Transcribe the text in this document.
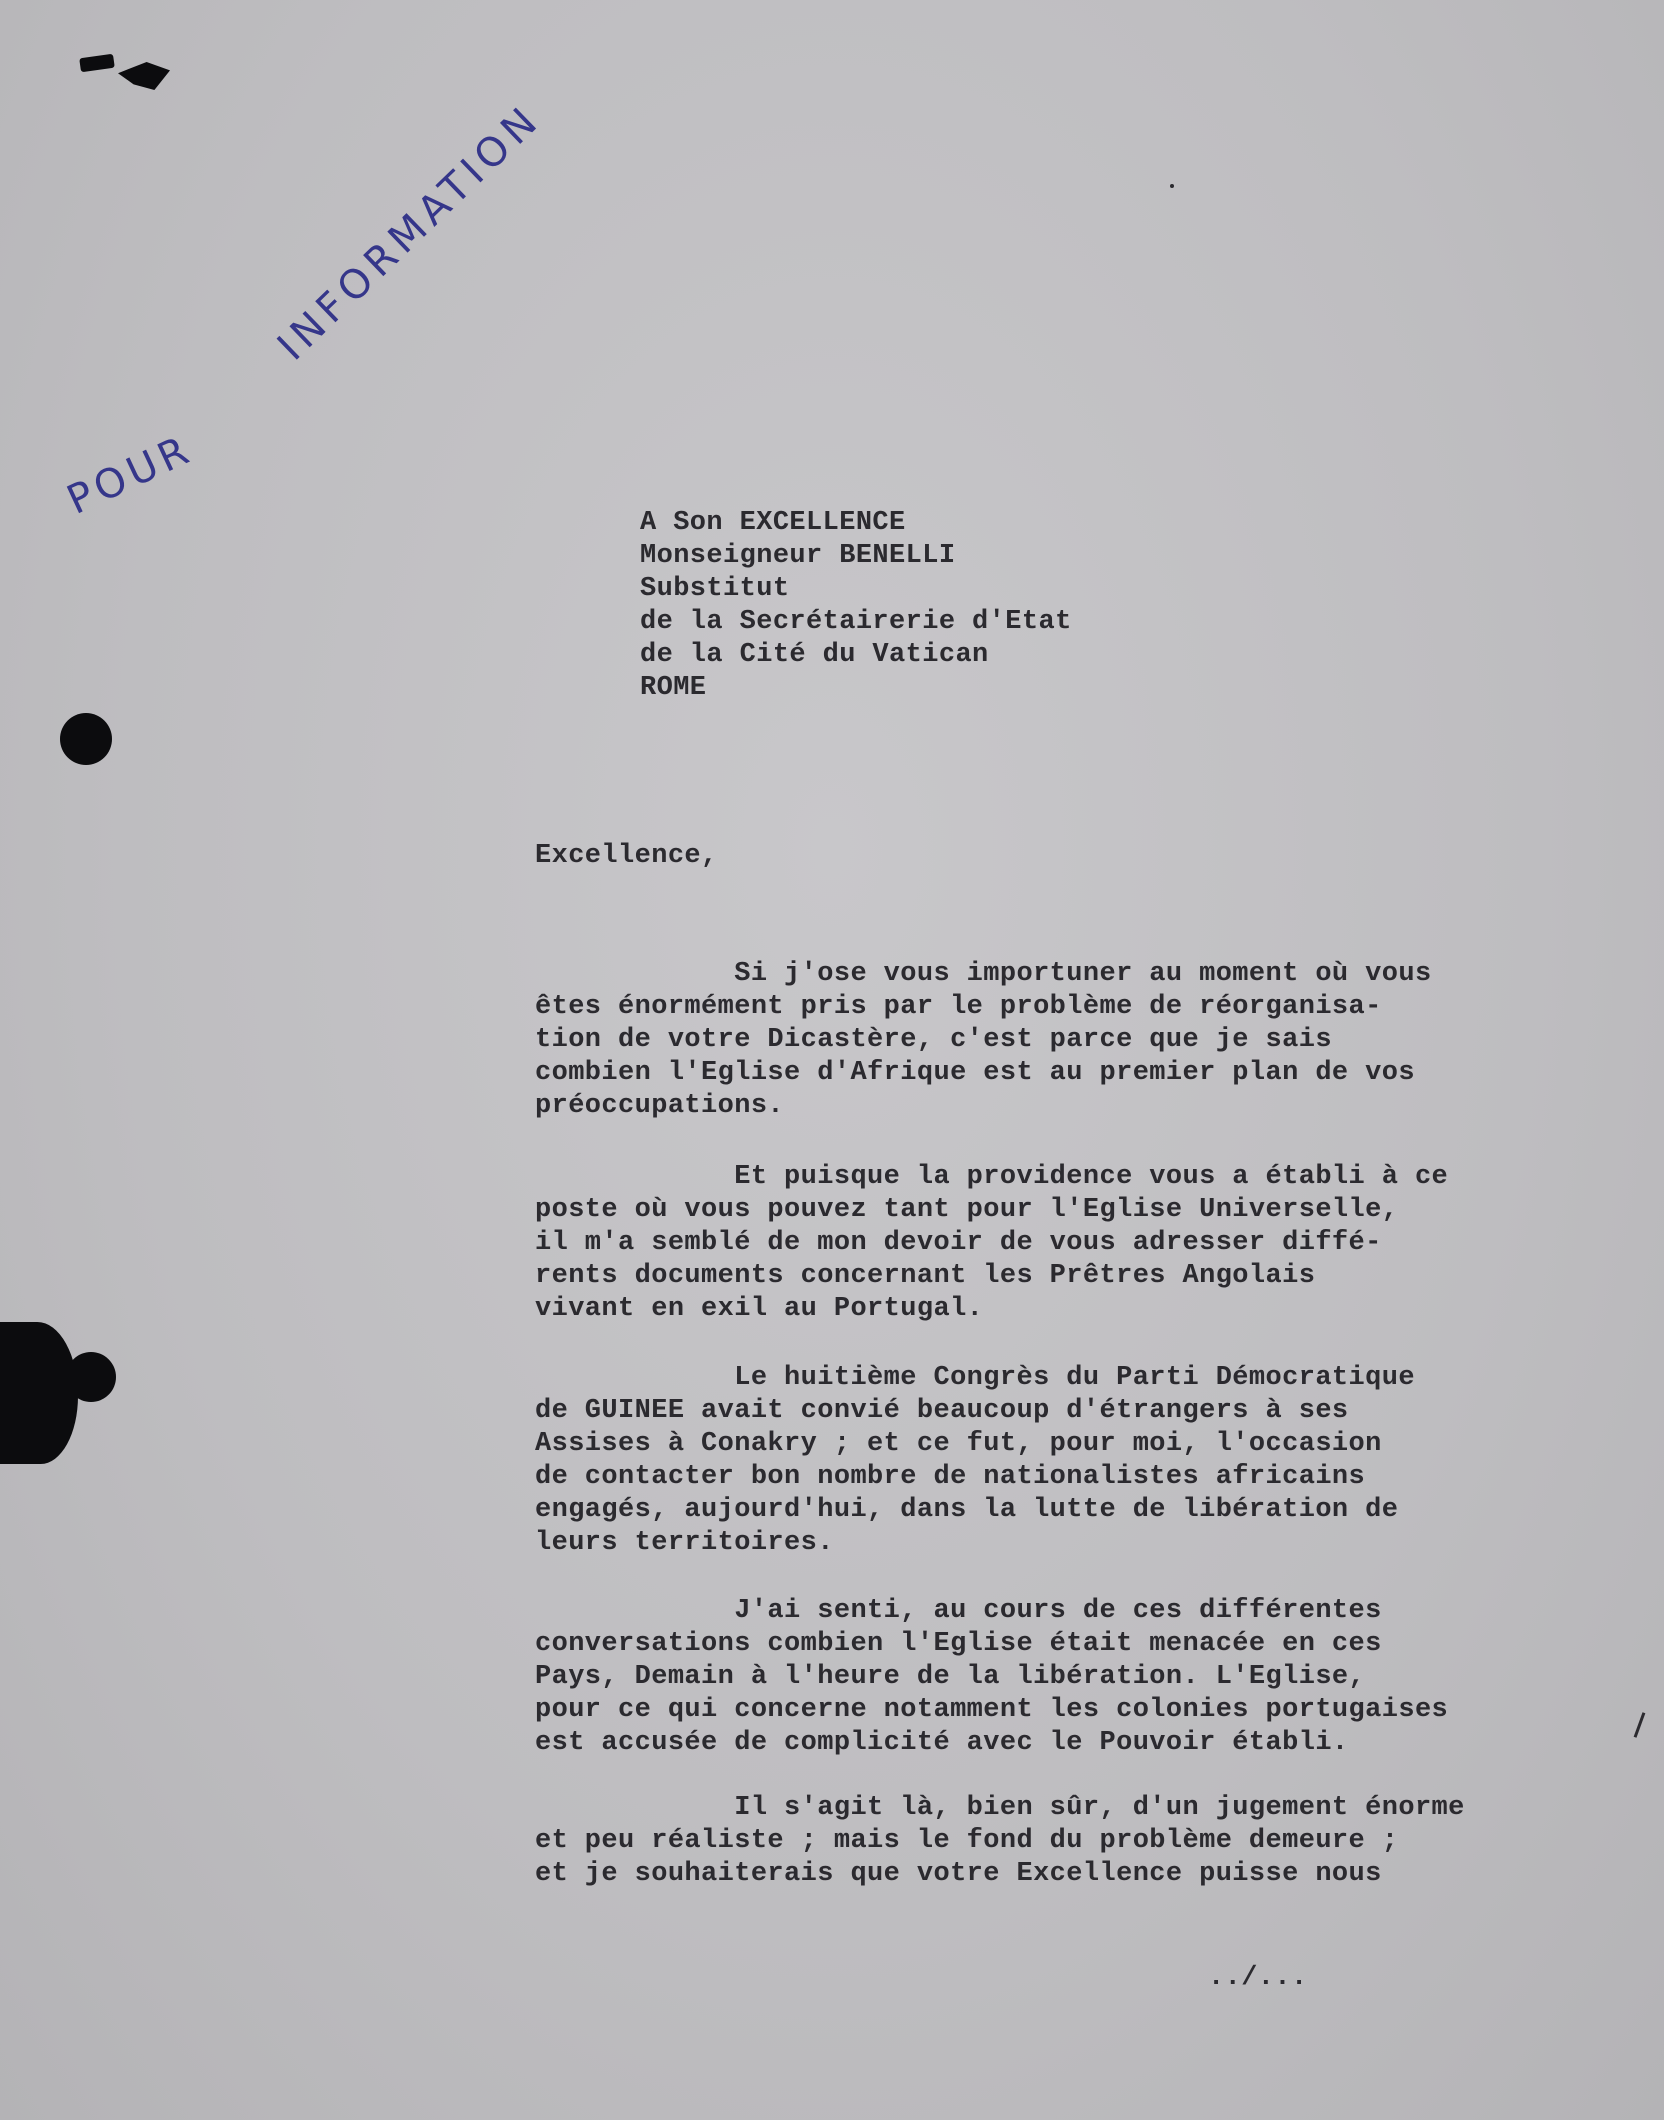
POUR
INFORMATION
A Son EXCELLENCE
Monseigneur BENELLI
Substitut
de la Secrétairerie d'Etat
de la Cité du Vatican
ROME
Excellence,
Si j'ose vous importuner au moment où vous
êtes énormément pris par le problème de réorganisa-
tion de votre Dicastère, c'est parce que je sais
combien l'Eglise d'Afrique est au premier plan de vos
préoccupations.
Et puisque la providence vous a établi à ce
poste où vous pouvez tant pour l'Eglise Universelle,
il m'a semblé de mon devoir de vous adresser diffé-
rents documents concernant les Prêtres Angolais
vivant en exil au Portugal.
Le huitième Congrès du Parti Démocratique
de GUINEE avait convié beaucoup d'étrangers à ses
Assises à Conakry ; et ce fut, pour moi, l'occasion
de contacter bon nombre de nationalistes africains
engagés, aujourd'hui, dans la lutte de libération de
leurs territoires.
J'ai senti, au cours de ces différentes
conversations combien l'Eglise était menacée en ces
Pays, Demain à l'heure de la libération. L'Eglise,
pour ce qui concerne notamment les colonies portugaises
est accusée de complicité avec le Pouvoir établi.
Il s'agit là, bien sûr, d'un jugement énorme
et peu réaliste ; mais le fond du problème demeure ;
et je souhaiterais que votre Excellence puisse nous
../...
